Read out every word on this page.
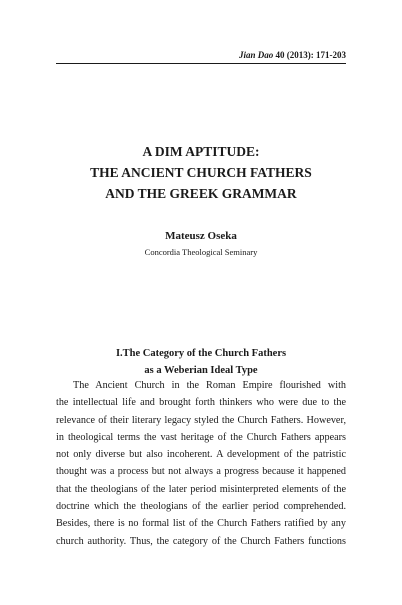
Jian Dao 40 (2013): 171-203
A DIM APTITUDE:
THE ANCIENT CHURCH FATHERS
AND THE GREEK GRAMMAR
Mateusz Oseka
Concordia Theological Seminary
I.The Category of the Church Fathers
as a Weberian Ideal Type
The Ancient Church in the Roman Empire flourished with
the intellectual life and brought forth thinkers who were due to the
relevance of their literary legacy styled the Church Fathers. However,
in theological terms the vast heritage of the Church Fathers appears
not only diverse but also incoherent. A development of the patristic
thought was a process but not always a progress because it happened
that the theologians of the later period misinterpreted elements of the
doctrine which the theologians of the earlier period comprehended.
Besides, there is no formal list of the Church Fathers ratified by any
church authority. Thus, the category of the Church Fathers functions
